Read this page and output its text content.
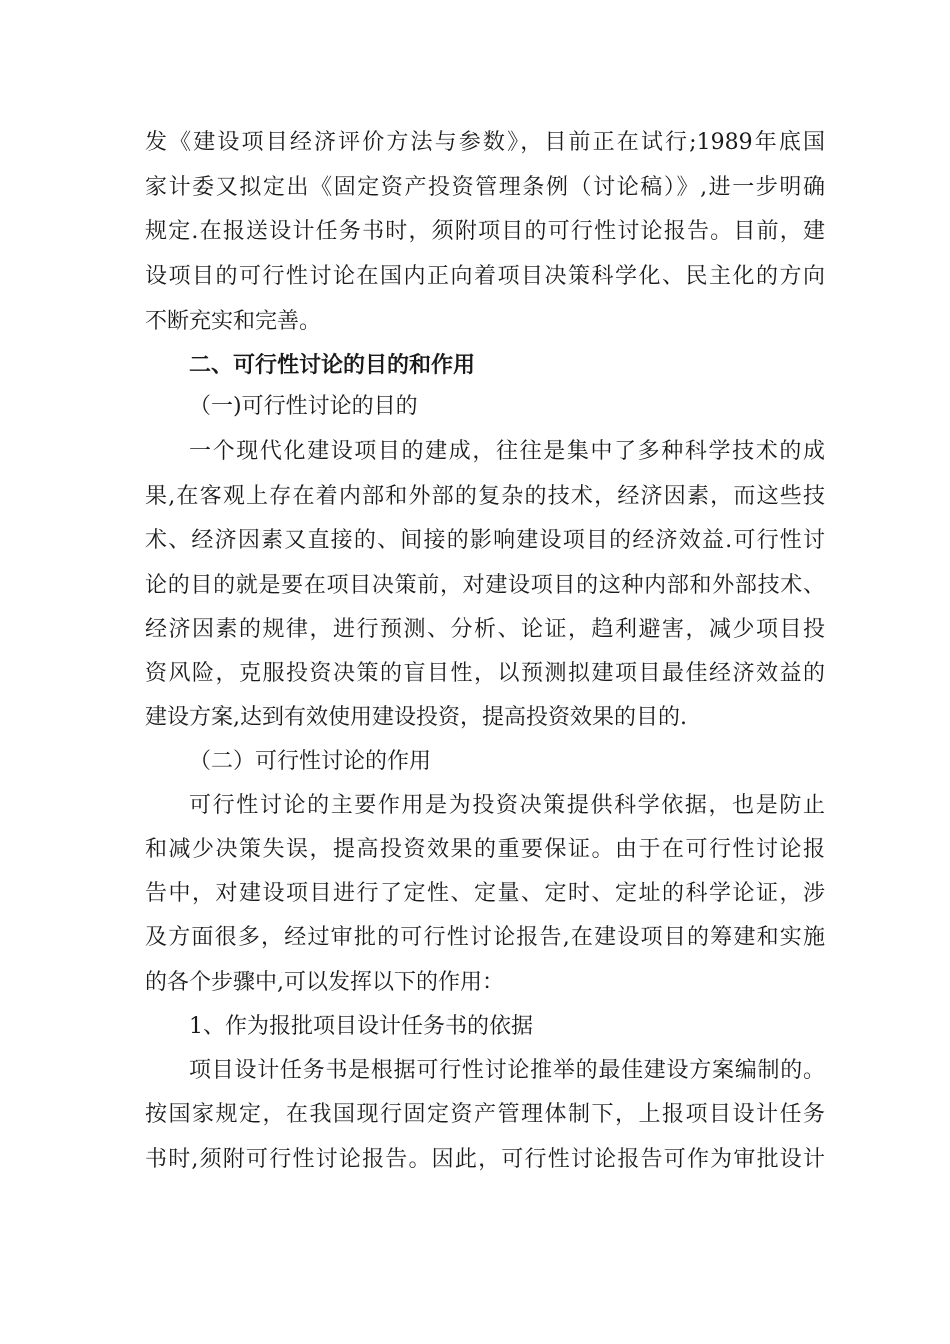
发《建设项目经济评价方法与参数》，目前正在试行;1989年底国
家计委又拟定出《固定资产投资管理条例（讨论稿）》,进一步明确
规定.在报送设计任务书时，须附项目的可行性讨论报告。目前，建
设项目的可行性讨论在国内正向着项目决策科学化、民主化的方向
不断充实和完善。
二、可行性讨论的目的和作用
（一)可行性讨论的目的
一个现代化建设项目的建成，往往是集中了多种科学技术的成
果,在客观上存在着内部和外部的复杂的技术，经济因素，而这些技
术、经济因素又直接的、间接的影响建设项目的经济效益.可行性讨
论的目的就是要在项目决策前，对建设项目的这种内部和外部技术、
经济因素的规律，进行预测、分析、论证，趋利避害，减少项目投
资风险，克服投资决策的盲目性，以预测拟建项目最佳经济效益的
建设方案,达到有效使用建设投资，提高投资效果的目的.
（二）可行性讨论的作用
可行性讨论的主要作用是为投资决策提供科学依据，也是防止
和减少决策失误，提高投资效果的重要保证。由于在可行性讨论报
告中，对建设项目进行了定性、定量、定时、定址的科学论证，涉
及方面很多，经过审批的可行性讨论报告,在建设项目的筹建和实施
的各个步骤中,可以发挥以下的作用：
1、作为报批项目设计任务书的依据
项目设计任务书是根据可行性讨论推举的最佳建设方案编制的。
按国家规定，在我国现行固定资产管理体制下，上报项目设计任务
书时,须附可行性讨论报告。因此，可行性讨论报告可作为审批设计
